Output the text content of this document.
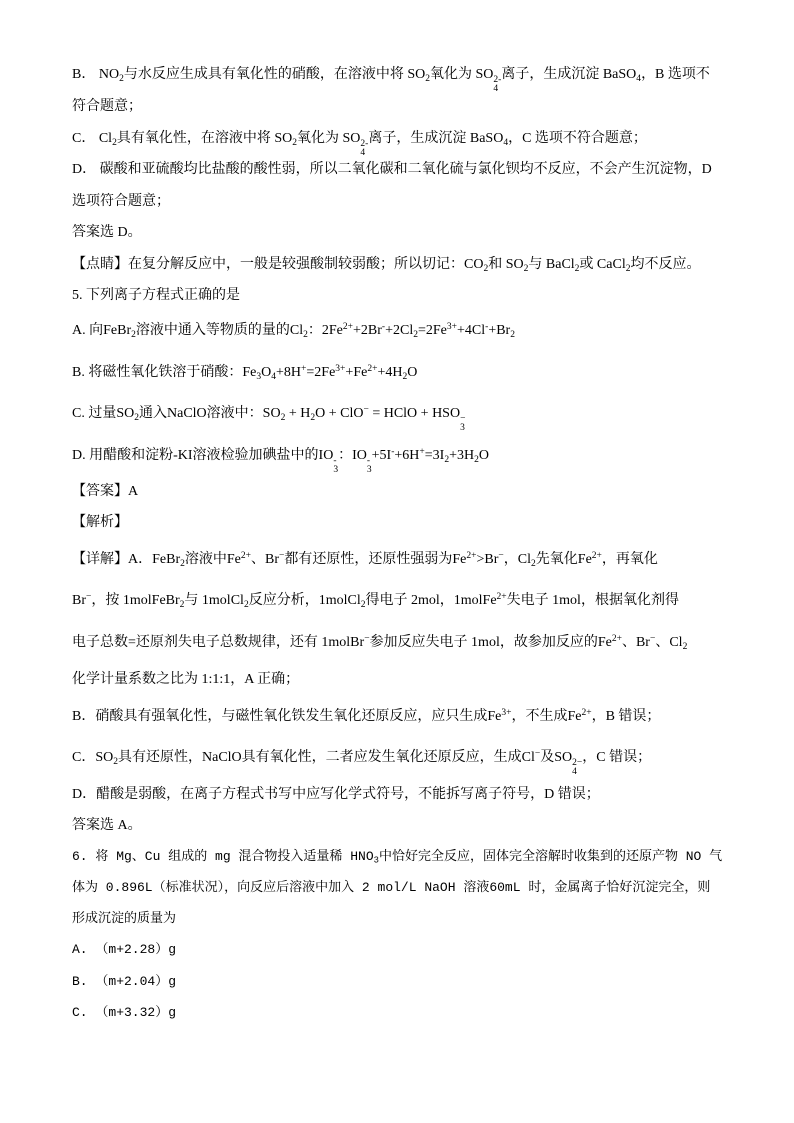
B． $NO_2$与水反应生成具有氧化性的硝酸，在溶液中将 $SO_2$氧化为 SO 2-
4
离子，生成沉淀 BaSO$_4$，B 选项不
符合题意；
C． $Cl_2$具有氧化性，在溶液中将 $SO_2$氧化为 SO 2-
4
离子，生成沉淀 BaSO$_4$，C 选项不符合题意；
D． 碳酸和亚硫酸均比盐酸的酸性弱，所以二氧化碳和二氧化硫与氯化钡均不反应，不会产生沉淀物，D
选项符合题意；
答案选 D。
【点睛】在复分解反应中，一般是较强酸制较弱酸；所以切记：$CO_2$和 $SO_2$与 BaCl$_2$或 CaCl$_2$均不反应。
5. 下列离子方程式正确的是
A. 向FeBr$_2$溶液中通入等物质的量的$Cl_2$：$2Fe^{2+}+2Br^-+2Cl_2=2Fe^{3+}+4Cl^-+Br_2$
B. 将磁性氧化铁溶于硝酸：$Fe_3O_4+8H^+=2Fe^{3+}+Fe^{2+}+4H_2O$
C. 过量$SO_2$通入NaClO溶液中：$SO_2 + H_2O + ClO^-$ = HClO + HSO −
3
D. 用醋酸和淀粉-KI溶液检验加碘盐中的IO -
3
：IO -
3
$+5I^-+6H^+=3I_2+3H_2O$
【答案】A
【解析】
【详解】A．FeBr$_2$溶液中$Fe^{2+}$、Br−都有还原性，还原性强弱为$Fe^{2+}>Br^-$，$Cl_2$先氧化$Fe^{2+}$，再氧化
Br−，按 1molFeBr$_2$与 1molCl$_2$反应分析，1molCl$_2$得电子 2mol，1molFe$^{2+}$失电子 1mol，根据氧化剂得
电子总数=还原剂失电子总数规律，还有 1molBr−参加反应失电子 1mol，故参加反应的$Fe^{2+}$、Br−、$Cl_2$
化学计量系数之比为 1:1:1，A 正确；
B．硝酸具有强氧化性，与磁性氧化铁发生氧化还原反应，应只生成$Fe^{3+}$，不生成$Fe^{2+}$，B 错误；
C．$SO_2$具有还原性，NaClO具有氧化性，二者应发生氧化还原反应，生成Cl−及SO 2−
4
，C 错误；
D．醋酸是弱酸，在离子方程式书写中应写化学式符号，不能拆写离子符号，D 错误；
答案选 A。
6. 将 Mg、Cu 组成的 mg 混合物投入适量稀 $HNO_3$中恰好完全反应，固体完全溶解时收集到的还原产物 NO 气
体为 0.896L（标准状况），向反应后溶液中加入 2 mol/L NaOH 溶液60mL 时，金属离子恰好沉淀完全，则
形成沉淀的质量为
A. （m+2.28）g
B. （m+2.04）g
C. （m+3.32）g
